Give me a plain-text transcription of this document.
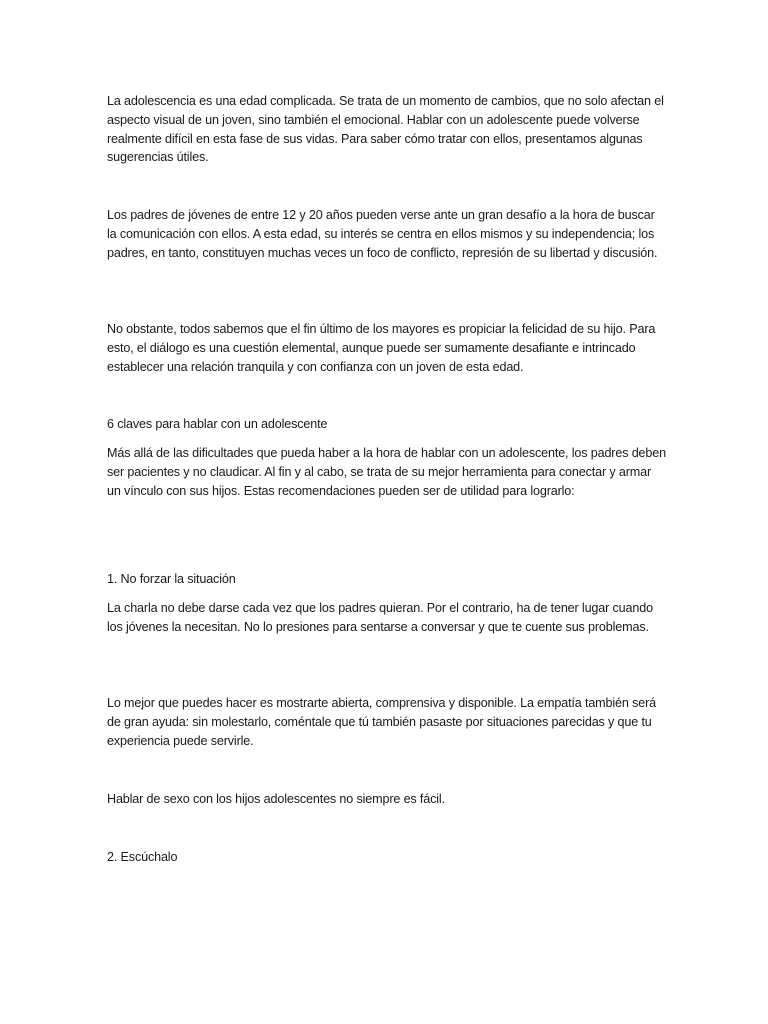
La adolescencia es una edad complicada. Se trata de un momento de cambios, que no solo afectan el aspecto visual de un joven, sino también el emocional. Hablar con un adolescente puede volverse realmente difícil en esta fase de sus vidas. Para saber cómo tratar con ellos, presentamos algunas sugerencias útiles.

Los padres de jóvenes de entre 12 y 20 años pueden verse ante un gran desafío a la hora de buscar la comunicación con ellos. A esta edad, su interés se centra en ellos mismos y su independencia; los padres, en tanto, constituyen muchas veces un foco de conflicto, represión de su libertad y discusión.

No obstante, todos sabemos que el fin último de los mayores es propiciar la felicidad de su hijo. Para esto, el diálogo es una cuestión elemental, aunque puede ser sumamente desafiante e intrincado establecer una relación tranquila y con confianza con un joven de esta edad.

6 claves para hablar con un adolescente

Más allá de las dificultades que pueda haber a la hora de hablar con un adolescente, los padres deben ser pacientes y no claudicar. Al fin y al cabo, se trata de su mejor herramienta para conectar y armar un vínculo con sus hijos. Estas recomendaciones pueden ser de utilidad para lograrlo:

1. No forzar la situación

La charla no debe darse cada vez que los padres quieran. Por el contrario, ha de tener lugar cuando los jóvenes la necesitan. No lo presiones para sentarse a conversar y que te cuente sus problemas.

Lo mejor que puedes hacer es mostrarte abierta, comprensiva y disponible. La empatía también será de gran ayuda: sin molestarlo, coméntale que tú también pasaste por situaciones parecidas y que tu experiencia puede servirle.

Hablar de sexo con los hijos adolescentes no siempre es fácil.

2. Escúchalo
